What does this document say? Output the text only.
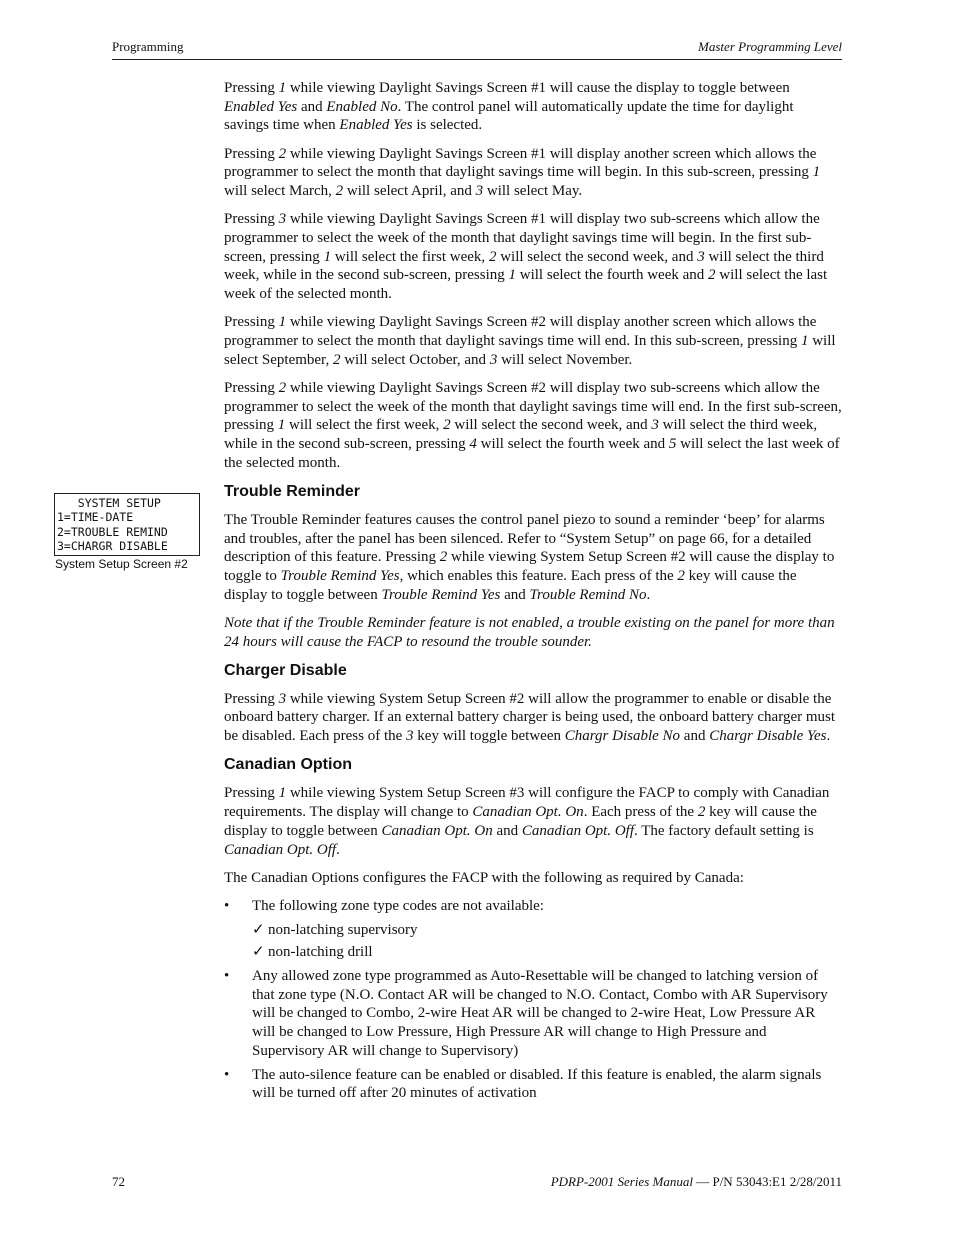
Programming	Master Programming Level
SYSTEM SETUP
1=TIME-DATE
2=TROUBLE REMIND
3=CHARGR DISABLE
System Setup Screen #2

Pressing 1 while viewing Daylight Savings Screen #1 will cause the display to toggle between Enabled Yes and Enabled No. The control panel will automatically update the time for daylight savings time when Enabled Yes is selected.

Pressing 2 while viewing Daylight Savings Screen #1 will display another screen which allows the programmer to select the month that daylight savings time will begin. In this sub-screen, pressing 1 will select March, 2 will select April, and 3 will select May.

Pressing 3 while viewing Daylight Savings Screen #1 will display two sub-screens which allow the programmer to select the week of the month that daylight savings time will begin. In the first sub-screen, pressing 1 will select the first week, 2 will select the second week, and 3 will select the third week, while in the second sub-screen, pressing 1 will select the fourth week and 2 will select the last week of the selected month.

Pressing 1 while viewing Daylight Savings Screen #2 will display another screen which allows the programmer to select the month that daylight savings time will end. In this sub-screen, pressing 1 will select September, 2 will select October, and 3 will select November.

Pressing 2 while viewing Daylight Savings Screen #2 will display two sub-screens which allow the programmer to select the week of the month that daylight savings time will end. In the first sub-screen, pressing 1 will select the first week, 2 will select the second week, and 3 will select the third week, while in the second sub-screen, pressing 4 will select the fourth week and 5 will select the last week of the selected month.

Trouble Reminder

The Trouble Reminder features causes the control panel piezo to sound a reminder ‘beep’ for alarms and troubles, after the panel has been silenced. Refer to “System Setup” on page 66, for a detailed description of this feature. Pressing 2 while viewing System Setup Screen #2 will cause the display to toggle to Trouble Remind Yes, which enables this feature. Each press of the 2 key will cause the display to toggle between Trouble Remind Yes and Trouble Remind No.

Note that if the Trouble Reminder feature is not enabled, a trouble existing on the panel for more than 24 hours will cause the FACP to resound the trouble sounder.

Charger Disable

Pressing 3 while viewing System Setup Screen #2 will allow the programmer to enable or disable the onboard battery charger. If an external battery charger is being used, the onboard battery charger must be disabled. Each press of the 3 key will toggle between Chargr Disable No and Chargr Disable Yes.

Canadian Option

Pressing 1 while viewing System Setup Screen #3 will configure the FACP to comply with Canadian requirements. The display will change to Canadian Opt. On. Each press of the 2 key will cause the display to toggle between Canadian Opt. On and Canadian Opt. Off. The factory default setting is Canadian Opt. Off.

The Canadian Options configures the FACP with the following as required by Canada:

• The following zone type codes are not available:
✓ non-latching supervisory
✓ non-latching drill
• Any allowed zone type programmed as Auto-Resettable will be changed to latching version of that zone type (N.O. Contact AR will be changed to N.O. Contact, Combo with AR Supervisory will be changed to Combo, 2-wire Heat AR will be changed to 2-wire Heat, Low Pressure AR will be changed to Low Pressure, High Pressure AR will change to High Pressure and Supervisory AR will change to Supervisory)
• The auto-silence feature can be enabled or disabled. If this feature is enabled, the alarm signals will be turned off after 20 minutes of activation
72	PDRP-2001 Series Manual — P/N 53043:E1 2/28/2011
